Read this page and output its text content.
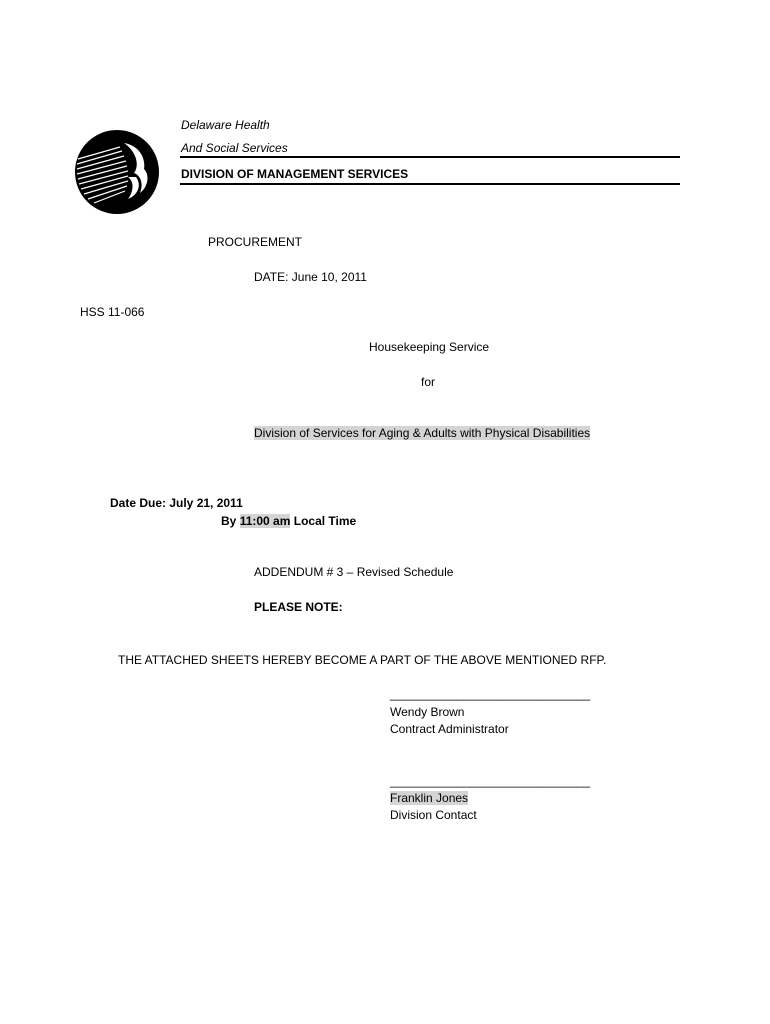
Delaware Health
And Social Services
DIVISION OF MANAGEMENT SERVICES
PROCUREMENT
DATE: June 10, 2011
HSS 11-066
Housekeeping Service
for
Division of Services for Aging & Adults with Physical Disabilities
Date Due: July 21, 2011
By 11:00 am Local Time
ADDENDUM # 3 – Revised Schedule
PLEASE NOTE:
THE ATTACHED SHEETS HEREBY BECOME A PART OF THE ABOVE MENTIONED RFP.
______________________________
Wendy Brown
Contract Administrator
______________________________
Franklin Jones
Division Contact
